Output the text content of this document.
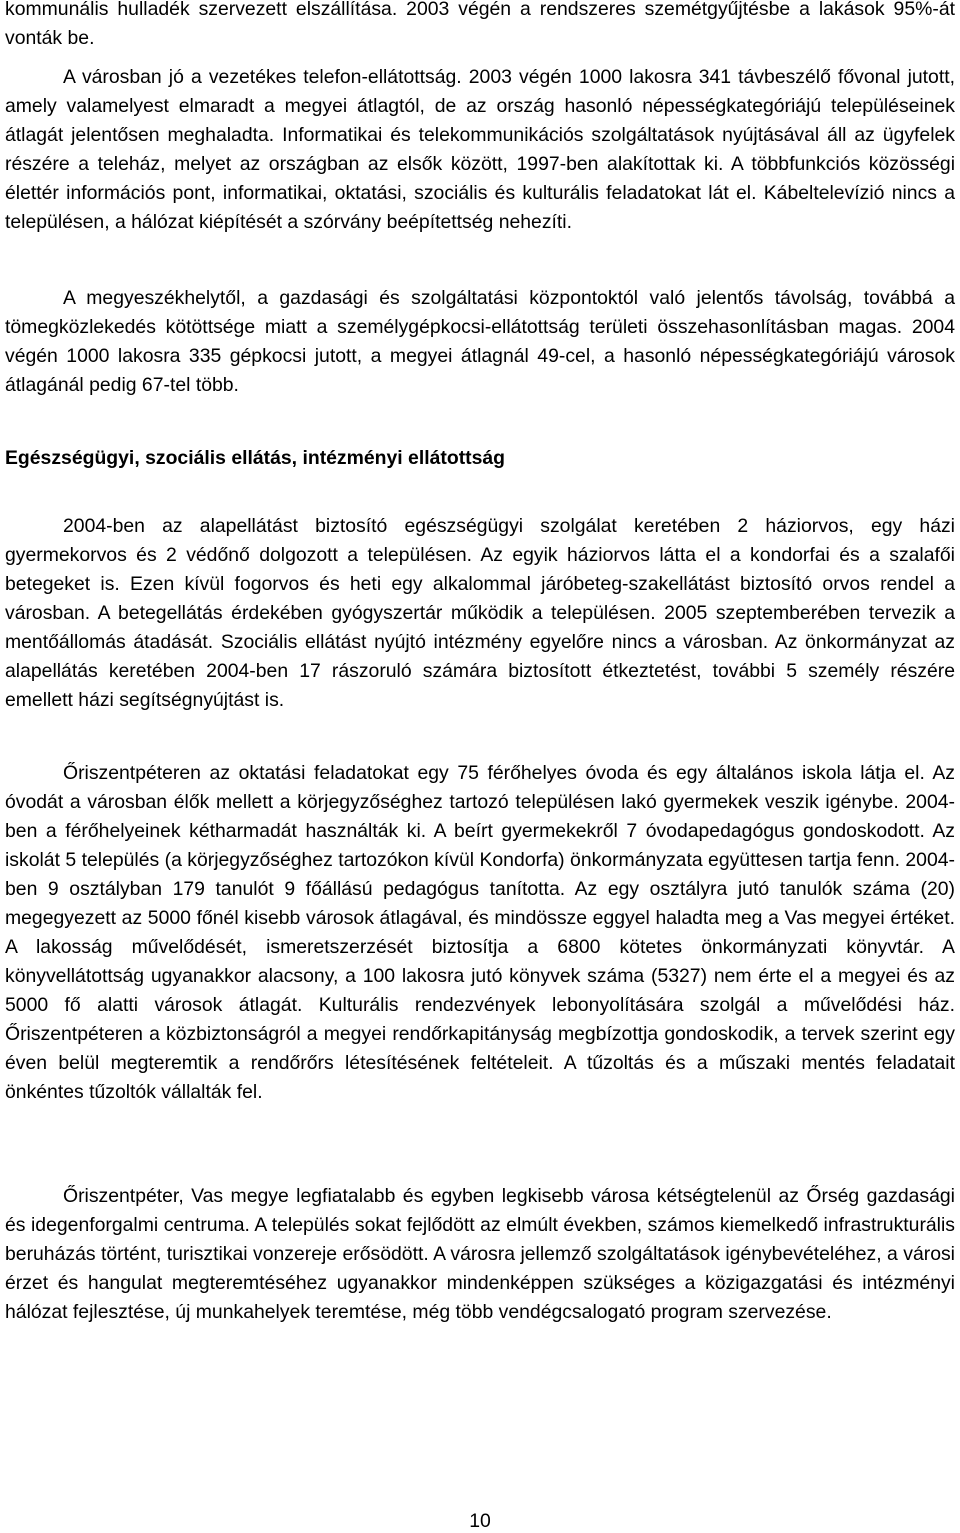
kommunális hulladék szervezett elszállítása. 2003 végén a rendszeres szemétgyűjtésbe a lakások 95%-át vonták be.

A városban jó a vezetékes telefon-ellátottság. 2003 végén 1000 lakosra 341 távbeszélő fővonal jutott, amely valamelyest elmaradt a megyei átlagtól, de az ország hasonló népességkategóriájú településeinek átlagát jelentősen meghaladta. Informatikai és telekommunikációs szolgáltatások nyújtásával áll az ügyfelek részére a teleház, melyet az országban az elsők között, 1997-ben alakítottak ki. A többfunkciós közösségi élettér információs pont, informatikai, oktatási, szociális és kulturális feladatokat lát el. Kábeltelevízió nincs a településen, a hálózat kiépítését a szórvány beépítettség nehezíti.

A megyeszékhelytől, a gazdasági és szolgáltatási központoktól való jelentős távolság, továbbá a tömegközlekedés kötöttsége miatt a személygépkocsi-ellátottság területi összehasonlításban magas. 2004 végén 1000 lakosra 335 gépkocsi jutott, a megyei átlagnál 49-cel, a hasonló népességkategóriájú városok átlagánál pedig 67-tel több.

Egészségügyi, szociális ellátás, intézményi ellátottság

2004-ben az alapellátást biztosító egészségügyi szolgálat keretében 2 háziorvos, egy házi gyermekorvos és 2 védőnő dolgozott a településen. Az egyik háziorvos látta el a kondorfai és a szalafői betegeket is. Ezen kívül fogorvos és heti egy alkalommal járóbeteg-szakellátást biztosító orvos rendel a városban. A betegellátás érdekében gyógyszertár működik a településen. 2005 szeptemberében tervezik a mentőállomás átadását. Szociális ellátást nyújtó intézmény egyelőre nincs a városban. Az önkormányzat az alapellátás keretében 2004-ben 17 rászoruló számára biztosított étkeztetést, további 5 személy részére emellett házi segítségnyújtást is.

Őriszentpéteren az oktatási feladatokat egy 75 férőhelyes óvoda és egy általános iskola látja el. Az óvodát a városban élők mellett a körjegyzőséghez tartozó településen lakó gyermekek veszik igénybe. 2004-ben a férőhelyeinek kétharmadát használták ki. A beírt gyermekekről 7 óvodapedagógus gondoskodott. Az iskolát 5 település (a körjegyzőséghez tartozókon kívül Kondorfa) önkormányzata együttesen tartja fenn. 2004-ben 9 osztályban 179 tanulót 9 főállású pedagógus tanította. Az egy osztályra jutó tanulók száma (20) megegyezett az 5000 főnél kisebb városok átlagával, és mindössze eggyel haladta meg a Vas megyei értéket. A lakosság művelődését, ismeretszerzését biztosítja a 6800 kötetes önkormányzati könyvtár. A könyvellátottság ugyanakkor alacsony, a 100 lakosra jutó könyvek száma (5327) nem érte el a megyei és az 5000 fő alatti városok átlagát. Kulturális rendezvények lebonyolítására szolgál a művelődési ház. Őriszentpéteren a közbiztonságról a megyei rendőrkapitányság megbízottja gondoskodik, a tervek szerint egy éven belül megteremtik a rendőrőrs létesítésének feltételeit. A tűzoltás és a műszaki mentés feladatait önkéntes tűzoltók vállalták fel.

Őriszentpéter, Vas megye legfiatalabb és egyben legkisebb városa kétségtelenül az Őrség gazdasági és idegenforgalmi centruma. A település sokat fejlődött az elmúlt években, számos kiemelkedő infrastrukturális beruházás történt, turisztikai vonzereje erősödött. A városra jellemző szolgáltatások igénybevételéhez, a városi érzet és hangulat megteremtéséhez ugyanakkor mindenképpen szükséges a közigazgatási és intézményi hálózat fejlesztése, új munkahelyek teremtése, még több vendégcsalogató program szervezése.

10
